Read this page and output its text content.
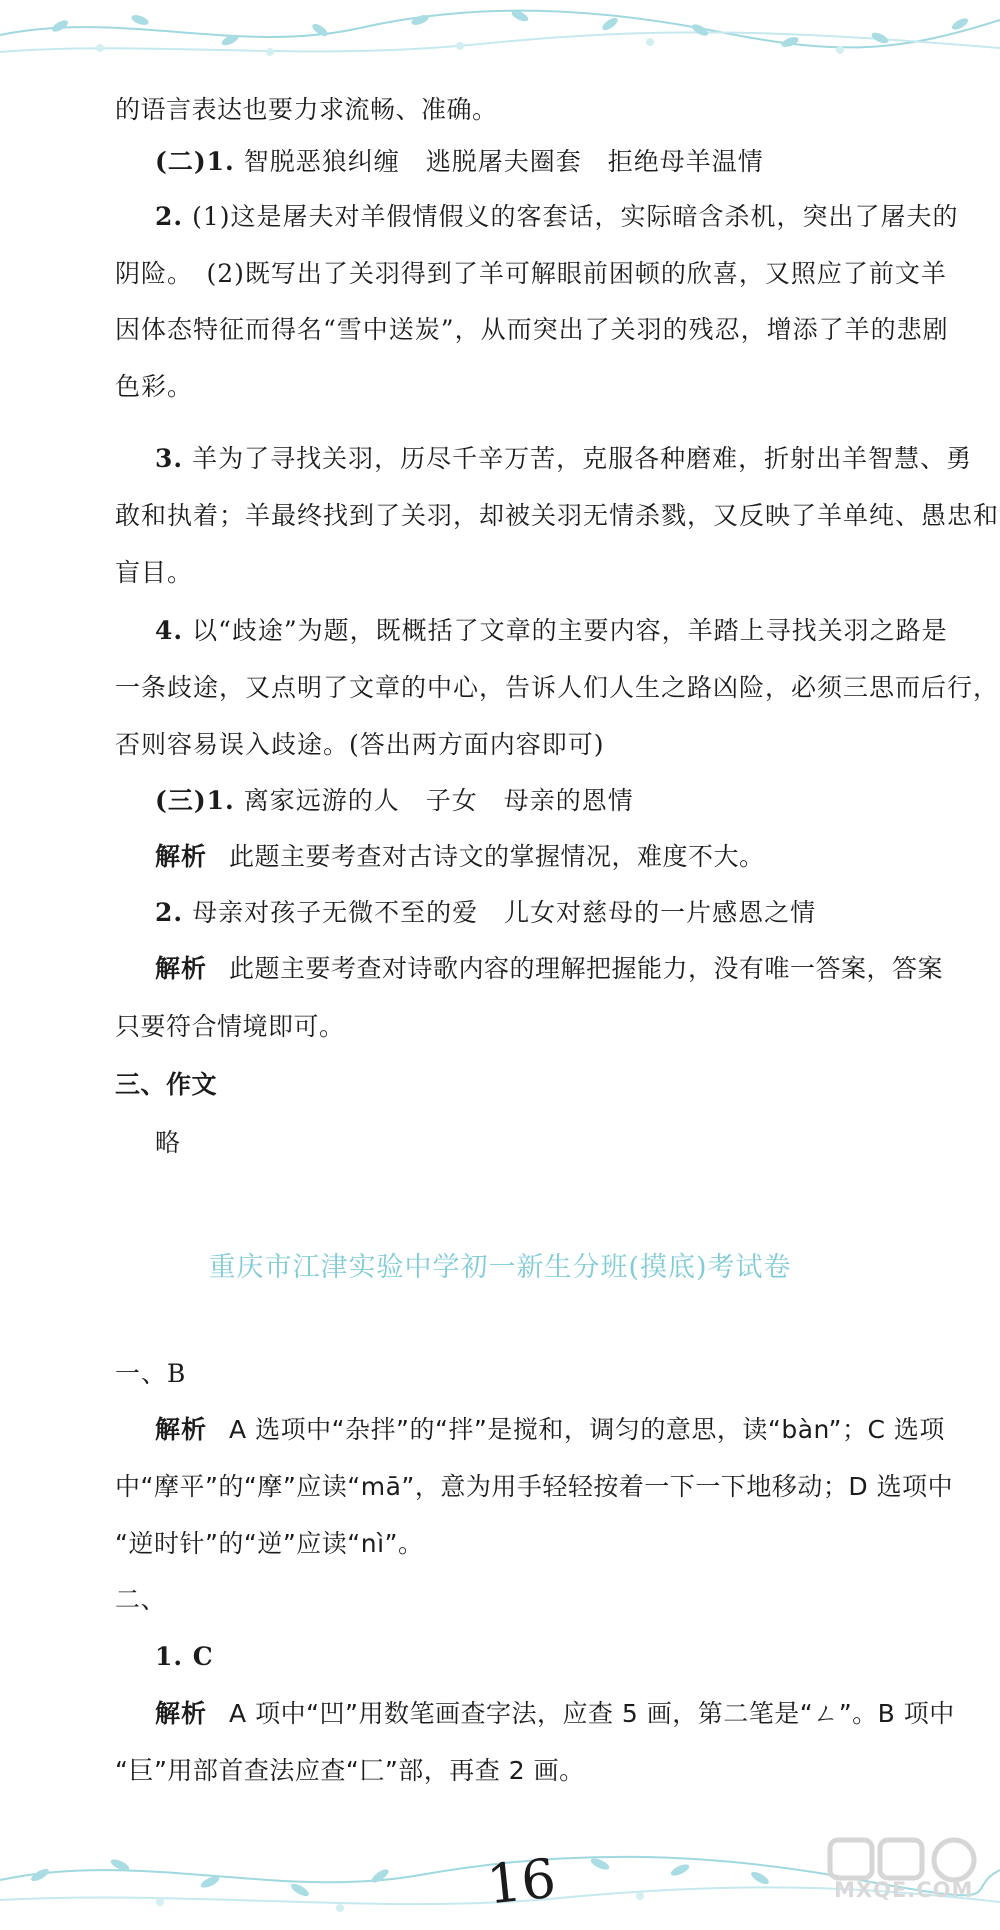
的语言表达也要力求流畅、准确。
(二)1. 智脱恶狼纠缠　逃脱屠夫圈套　拒绝母羊温情
2. (1)这是屠夫对羊假情假义的客套话，实际暗含杀机，突出了屠夫的
阴险。　(2)既写出了关羽得到了羊可解眼前困顿的欣喜，又照应了前文羊
因体态特征而得名“雪中送炭”，从而突出了关羽的残忍，增添了羊的悲剧
色彩。
3. 羊为了寻找关羽，历尽千辛万苦，克服各种磨难，折射出羊智慧、勇
敢和执着；羊最终找到了关羽，却被关羽无情杀戮，又反映了羊单纯、愚忠和
盲目。
4. 以“歧途”为题，既概括了文章的主要内容，羊踏上寻找关羽之路是
一条歧途，又点明了文章的中心，告诉人们人生之路凶险，必须三思而后行，
否则容易误入歧途。(答出两方面内容即可)
(三)1. 离家远游的人　子女　母亲的恩情
解析 此题主要考查对古诗文的掌握情况，难度不大。
2. 母亲对孩子无微不至的爱　儿女对慈母的一片感恩之情
解析 此题主要考查对诗歌内容的理解把握能力，没有唯一答案，答案
只要符合情境即可。
三、作文
略
重庆市江津实验中学初一新生分班(摸底)考试卷
一、B
解析 A 选项中“杂拌”的“拌”是搅和，调匀的意思，读“bàn”；C 选项
中“摩平”的“摩”应读“mā”，意为用手轻轻按着一下一下地移动；D 选项中
“逆时针”的“逆”应读“nì”。
二、
1. C
解析 A 项中“凹”用数笔画查字法，应查 5 画，第二笔是“ㄥ”。B 项中
“巨”用部首查法应查“匚”部，再查 2 画。
16	MXQE.COM
